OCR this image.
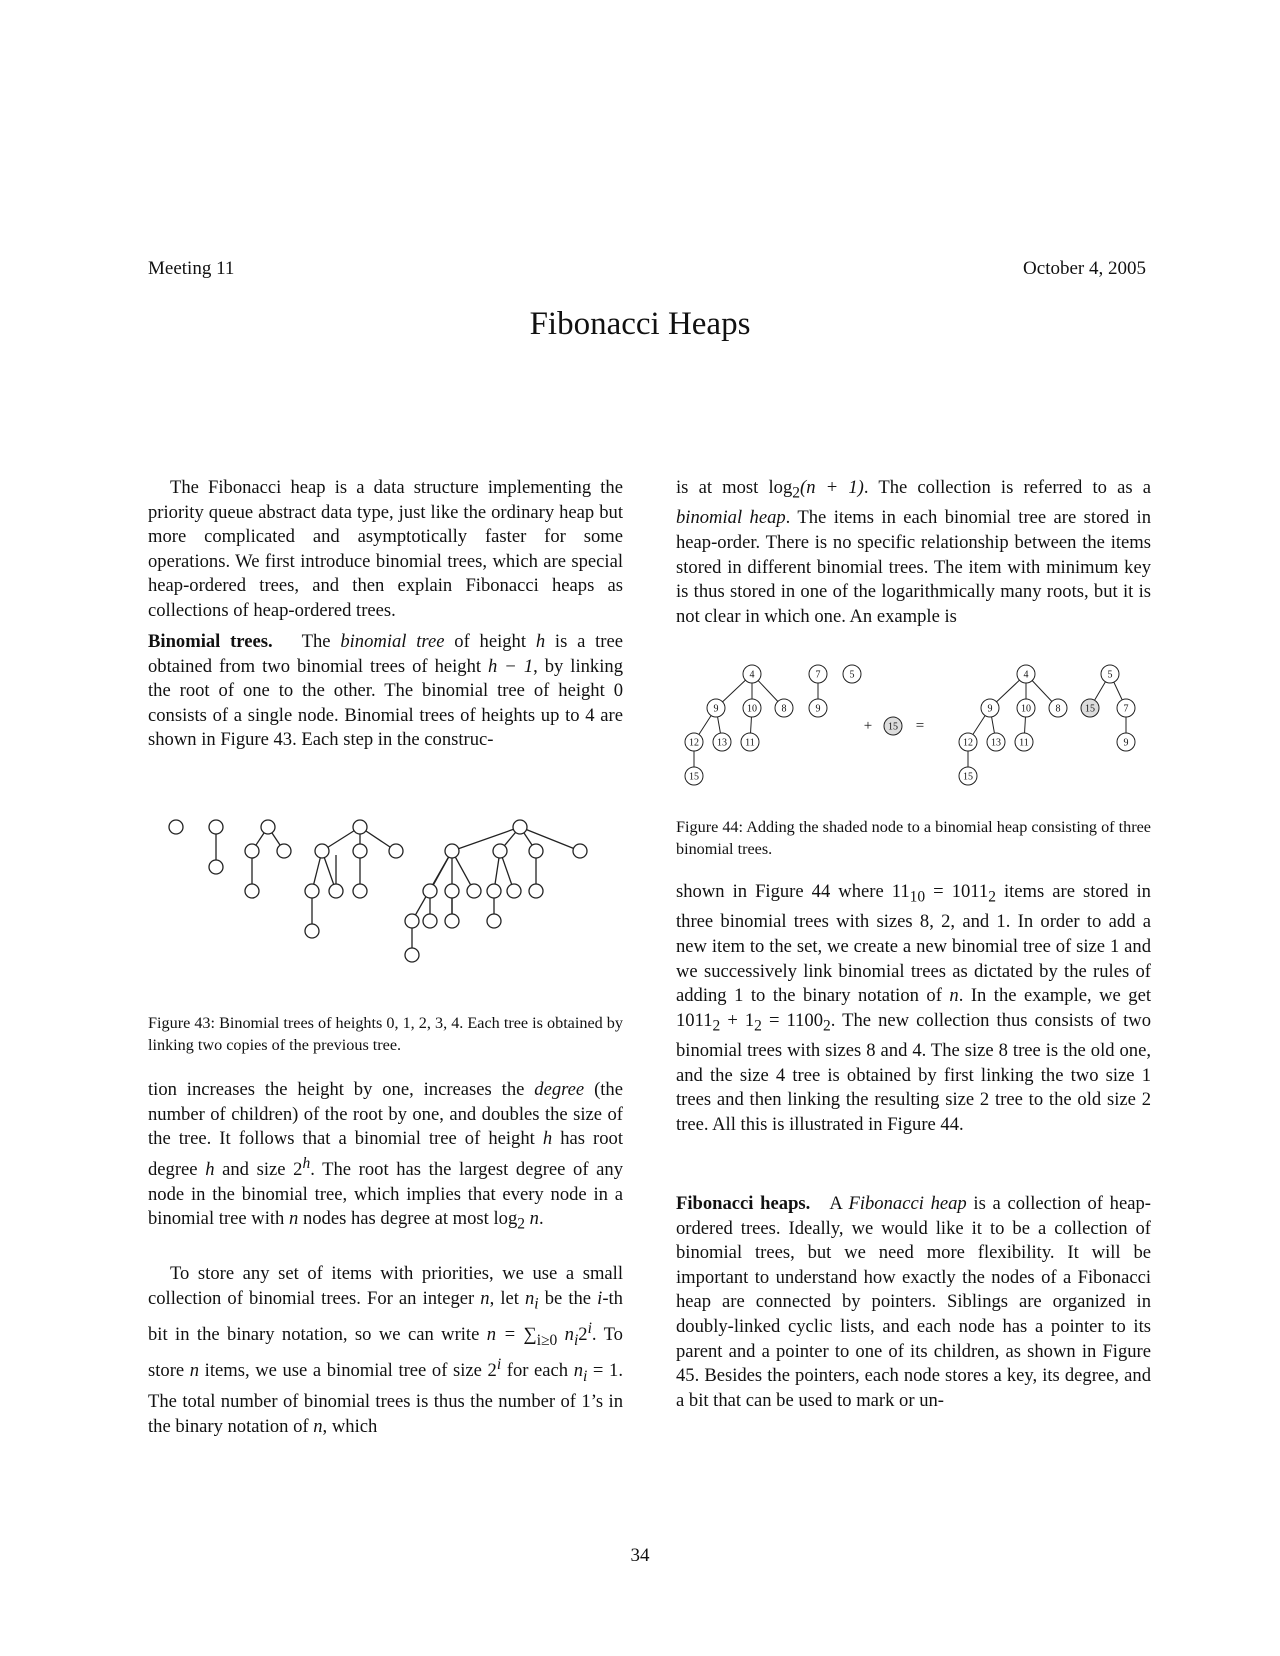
Meeting 11	October 4, 2005
Fibonacci Heaps

The Fibonacci heap is a data structure implementing the priority queue abstract data type, just like the ordinary heap but more complicated and asymptotically faster for some operations. We first introduce binomial trees, which are special heap-ordered trees, and then explain Fibonacci heaps as collections of heap-ordered trees.

Binomial trees. The binomial tree of height h is a tree obtained from two binomial trees of height h − 1, by linking the root of one to the other. The binomial tree of height 0 consists of a single node. Binomial trees of heights up to 4 are shown in Figure 43. Each step in the construc-

Figure 43: Binomial trees of heights 0, 1, 2, 3, 4. Each tree is obtained by linking two copies of the previous tree.

tion increases the height by one, increases the degree (the number of children) of the root by one, and doubles the size of the tree. It follows that a binomial tree of height h has root degree h and size 2$^h$. The root has the largest degree of any node in the binomial tree, which implies that every node in a binomial tree with n nodes has degree at most $\log_2 n$.

To store any set of items with priorities, we use a small collection of binomial trees. For an integer n, let $n_i$ be the i-th bit in the binary notation, so we can write $n = \sum_{i\ge 0}$ $n_i2^i$. To store n items, we use a binomial tree of size 2$^i$ for each $n_i = 1$. The total number of binomial trees is thus the number of 1’s in the binary notation of n, which

is at most $\log_2(n + 1)$. The collection is referred to as a binomial heap. The items in each binomial tree are stored in heap-order. There is no specific relationship between the items stored in different binomial trees. The item with minimum key is thus stored in one of the logarithmically many roots, but it is not clear in which one. An example is

4
9	10 8
12 13 11
15
7
9
5
+ 15 =
4
9	10 8
12 13 11
15
5
15	7
9
Figure 44: Adding the shaded node to a binomial heap consisting of three binomial trees.

shown in Figure 44 where $11_{10} = 1011_2$ items are stored in three binomial trees with sizes 8, 2, and 1. In order to add a new item to the set, we create a new binomial tree of size 1 and we successively link binomial trees as dictated by the rules of adding 1 to the binary notation of n. In the example, we get $1011_2 + 1_2 = 1100_2$. The new collection thus consists of two binomial trees with sizes 8 and 4. The size 8 tree is the old one, and the size 4 tree is obtained by first linking the two size 1 trees and then linking the resulting size 2 tree to the old size 2 tree. All this is illustrated in Figure 44.

Fibonacci heaps. A Fibonacci heap is a collection of heap-ordered trees. Ideally, we would like it to be a collection of binomial trees, but we need more flexibility. It will be important to understand how exactly the nodes of a Fibonacci heap are connected by pointers. Siblings are organized in doubly-linked cyclic lists, and each node has a pointer to its parent and a pointer to one of its children, as shown in Figure 45. Besides the pointers, each node stores a key, its degree, and a bit that can be used to mark or un-

34
